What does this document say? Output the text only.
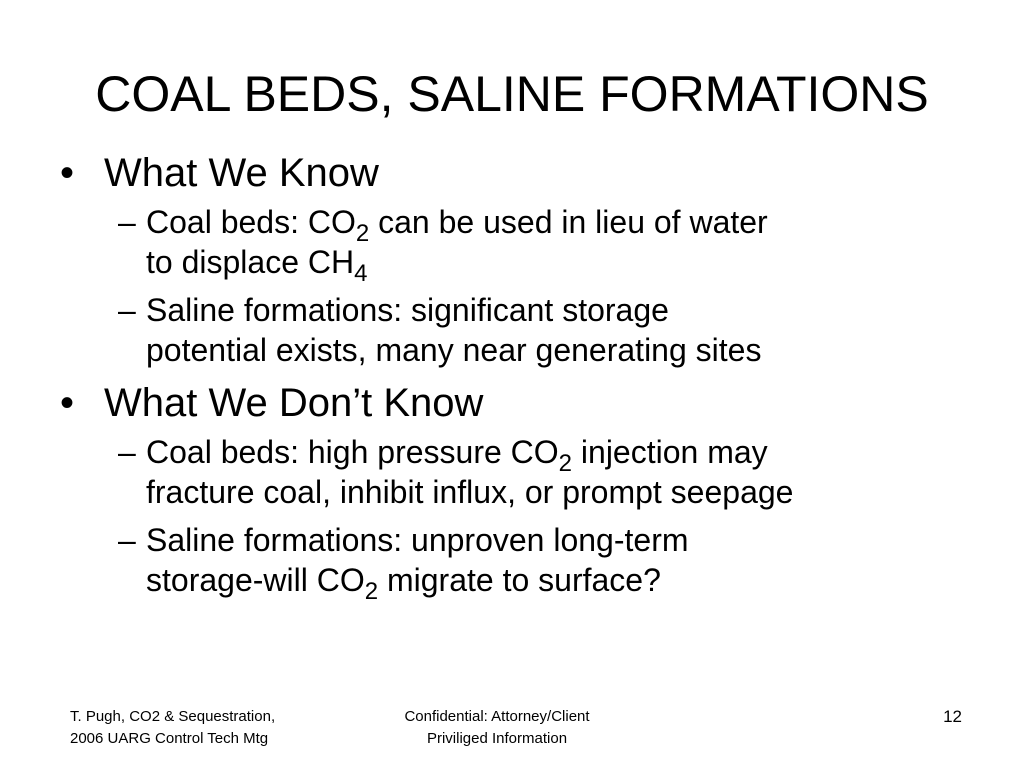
COAL BEDS, SALINE FORMATIONS
• What We Know
– Coal beds: $CO_2$ can be used in lieu of water
to displace $CH_4$
– Saline formations: significant storage
potential exists, many near generating sites
• What We Don’t Know
– Coal beds: high pressure $CO_2$ injection may
fracture coal, inhibit influx, or prompt seepage
– Saline formations: unproven long-term
storage-will $CO_2$ migrate to surface?
T. Pugh, CO2 & Sequestration,
2006 UARG Control Tech Mtg
Confidential: Attorney/Client
Priviliged Information
12
